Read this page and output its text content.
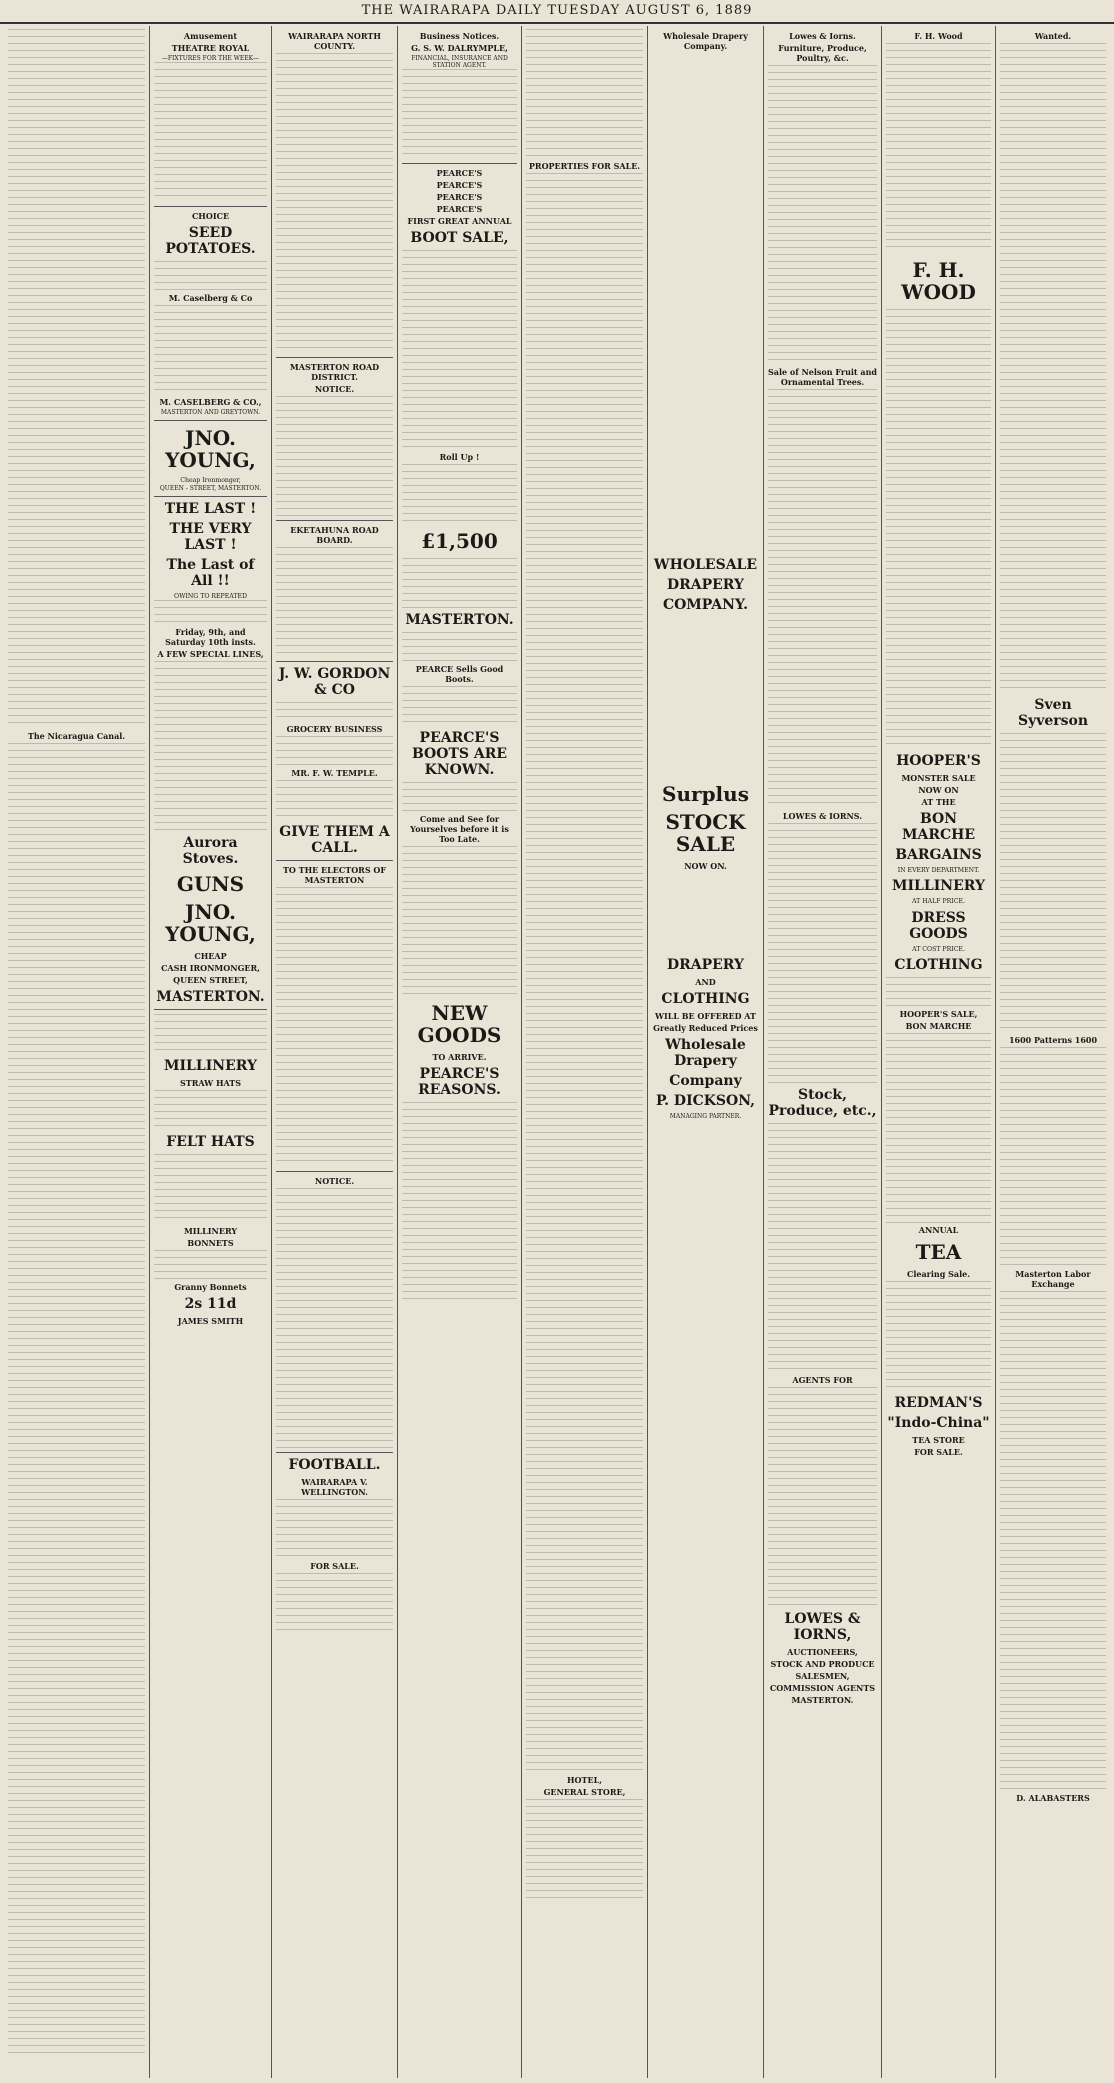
THE WAIRARAPA DAILY TUESDAY AUGUST 6, 1889
The Nicaragua Canal.
Amusement
THEATRE ROYAL
—FIXTURES FOR THE WEEK—
CHOICE
SEED POTATOES.
M. Caselberg & Co
M. CASELBERG & CO.,
MASTERTON AND GREYTOWN.
JNO. YOUNG,
Cheap Ironmonger,
QUEEN - STREET, MASTERTON.
THE LAST !
THE VERY LAST !
The Last of All !!
OWING TO REPEATED
Friday, 9th, and Saturday 10th insts.
A FEW SPECIAL LINES,
Aurora Stoves.
GUNS
JNO. YOUNG,
CHEAP
CASH IRONMONGER,
QUEEN STREET,
MASTERTON.
MILLINERY
STRAW HATS
FELT HATS
MILLINERY
BONNETS
Granny Bonnets
2s 11d
JAMES SMITH
WAIRARAPA NORTH COUNTY.
MASTERTON ROAD DISTRICT.
NOTICE.
EKETAHUNA ROAD BOARD.
J. W. GORDON & CO
GROCERY BUSINESS
MR. F. W. TEMPLE.
GIVE THEM A CALL.
TO THE ELECTORS OF MASTERTON
NOTICE.
FOOTBALL.
WAIRARAPA V. WELLINGTON.
FOR SALE.
Business Notices.
G. S. W. DALRYMPLE,
FINANCIAL, INSURANCE AND STATION AGENT.
PEARCE'S
PEARCE'S
PEARCE'S
PEARCE'S
FIRST GREAT ANNUAL
BOOT SALE,
Roll Up !
£1,500
MASTERTON.
PEARCE Sells Good Boots.
PEARCE'S BOOTS ARE KNOWN.
Come and See for Yourselves before it is Too Late.
NEW GOODS
TO ARRIVE.
PEARCE'S REASONS.
PROPERTIES FOR SALE.
HOTEL,
GENERAL STORE,
Wholesale Drapery Company.
WHOLESALE
DRAPERY
COMPANY.
Surplus
STOCK SALE
NOW ON.
DRAPERY
AND
CLOTHING
WILL BE OFFERED AT
Greatly Reduced Prices
Wholesale Drapery
Company
P. DICKSON,
MANAGING PARTNER.
Lowes & Iorns.
Furniture, Produce, Poultry, &c.
Sale of Nelson Fruit and Ornamental Trees.
LOWES & IORNS.
Stock, Produce, etc.,
AGENTS FOR
LOWES & IORNS,
AUCTIONEERS,
STOCK AND PRODUCE
SALESMEN,
COMMISSION AGENTS
MASTERTON.
F. H. Wood
F. H. WOOD
HOOPER'S
MONSTER SALE
NOW ON
AT THE
BON MARCHE
BARGAINS
IN EVERY DEPARTMENT.
MILLINERY
AT HALF PRICE.
DRESS GOODS
AT COST PRICE.
CLOTHING
HOOPER'S SALE,
BON MARCHE
ANNUAL
TEA
Clearing Sale.
REDMAN'S
"Indo-China"
TEA STORE
FOR SALE.
Wanted.
Sven Syverson
1600 Patterns 1600
Masterton Labor Exchange
D. ALABASTERS
